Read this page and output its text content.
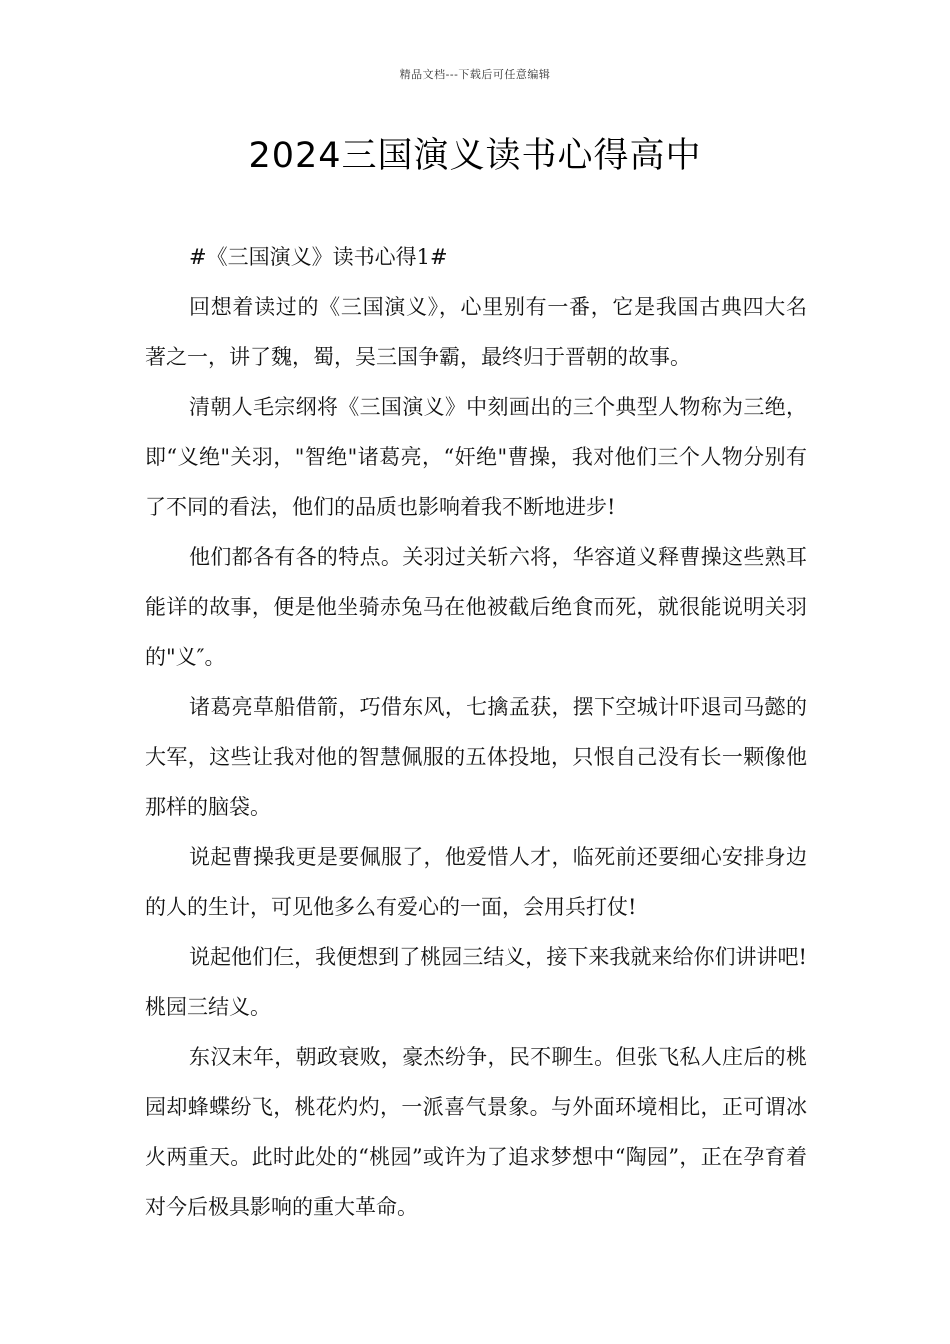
精品文档---下载后可任意编辑
2024三国演义读书心得高中

#《三国演义》读书心得1#

回想着读过的《三国演义》，心里别有一番，它是我国古典四大名著之一，讲了魏，蜀，吴三国争霸，最终归于晋朝的故事。

清朝人毛宗纲将《三国演义》中刻画出的三个典型人物称为三绝，即“义绝"关羽，"智绝"诸葛亮，“奸绝"曹操，我对他们三个人物分别有了不同的看法，他们的品质也影响着我不断地进步!

他们都各有各的特点。关羽过关斩六将，华容道义释曹操这些熟耳能详的故事，便是他坐骑赤兔马在他被截后绝食而死，就很能说明关羽的"义″。

诸葛亮草船借箭，巧借东风，七擒孟获，摆下空城计吓退司马懿的大军，这些让我对他的智慧佩服的五体投地，只恨自己没有长一颗像他那样的脑袋。

说起曹操我更是要佩服了，他爱惜人才，临死前还要细心安排身边的人的生计，可见他多么有爱心的一面，会用兵打仗!

说起他们仨，我便想到了桃园三结义，接下来我就来给你们讲讲吧!桃园三结义。

东汉末年，朝政衰败，豪杰纷争，民不聊生。但张飞私人庄后的桃园却蜂蝶纷飞，桃花灼灼，一派喜气景象。与外面环境相比，正可谓冰火两重天。此时此处的“桃园”或许为了追求梦想中“陶园”，正在孕育着对今后极具影响的重大革命。
